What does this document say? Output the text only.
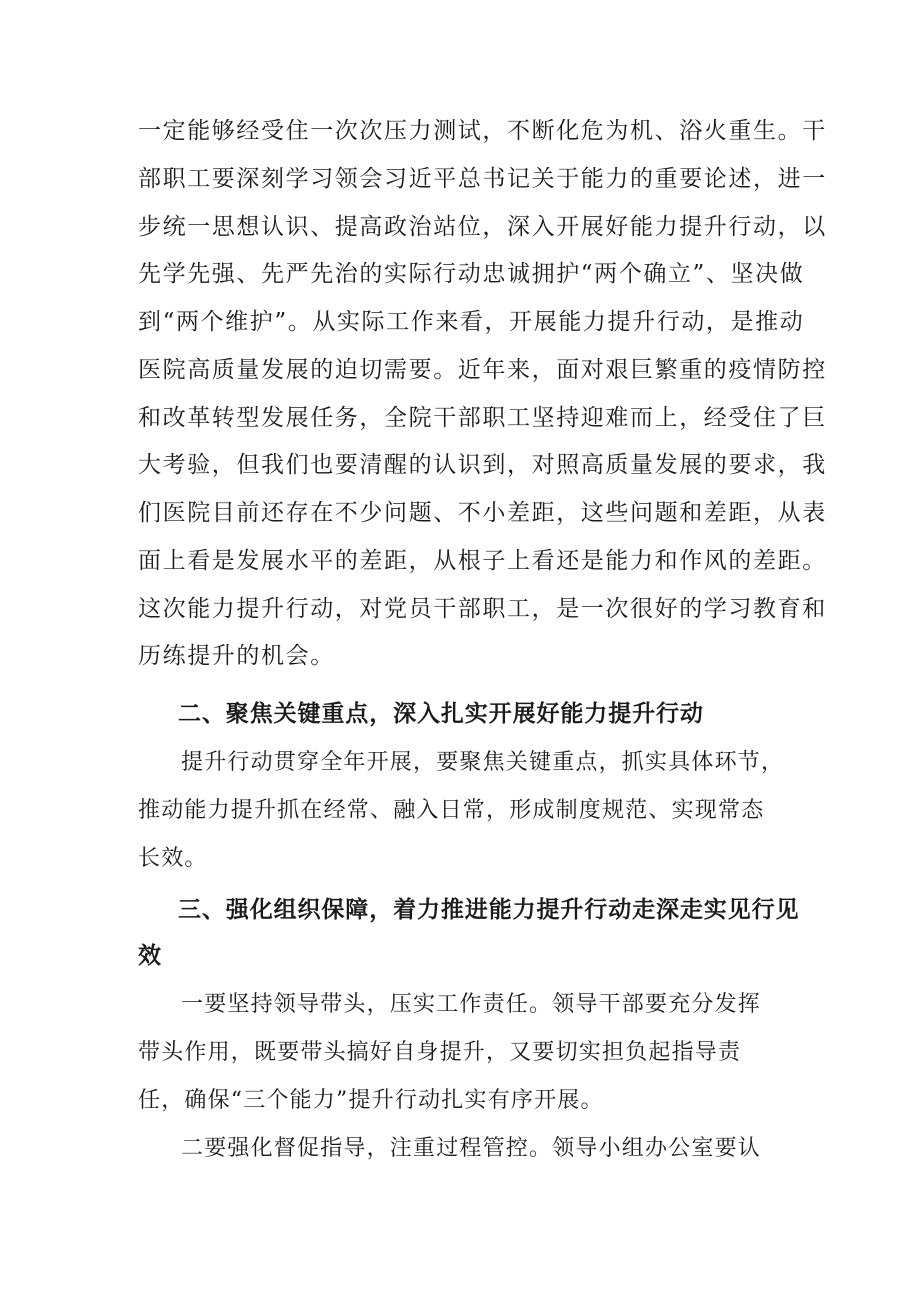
一定能够经受住一次次压力测试，不断化危为机、浴火重生。干
部职工要深刻学习领会习近平总书记关于能力的重要论述，进一
步统一思想认识、提高政治站位，深入开展好能力提升行动，以
先学先强、先严先治的实际行动忠诚拥护“两个确立”、坚决做
到“两个维护”。从实际工作来看，开展能力提升行动，是推动
医院高质量发展的迫切需要。近年来，面对艰巨繁重的疫情防控
和改革转型发展任务，全院干部职工坚持迎难而上，经受住了巨
大考验，但我们也要清醒的认识到，对照高质量发展的要求，我
们医院目前还存在不少问题、不小差距，这些问题和差距，从表
面上看是发展水平的差距，从根子上看还是能力和作风的差距。
这次能力提升行动，对党员干部职工，是一次很好的学习教育和
历练提升的机会。
二、聚焦关键重点，深入扎实开展好能力提升行动
提升行动贯穿全年开展，要聚焦关键重点，抓实具体环节，
推动能力提升抓在经常、融入日常，形成制度规范、实现常态
长效。
三、强化组织保障，着力推进能力提升行动走深走实见行见
效
一要坚持领导带头，压实工作责任。领导干部要充分发挥
带头作用，既要带头搞好自身提升，又要切实担负起指导责
任，确保“三个能力”提升行动扎实有序开展。
二要强化督促指导，注重过程管控。领导小组办公室要认
